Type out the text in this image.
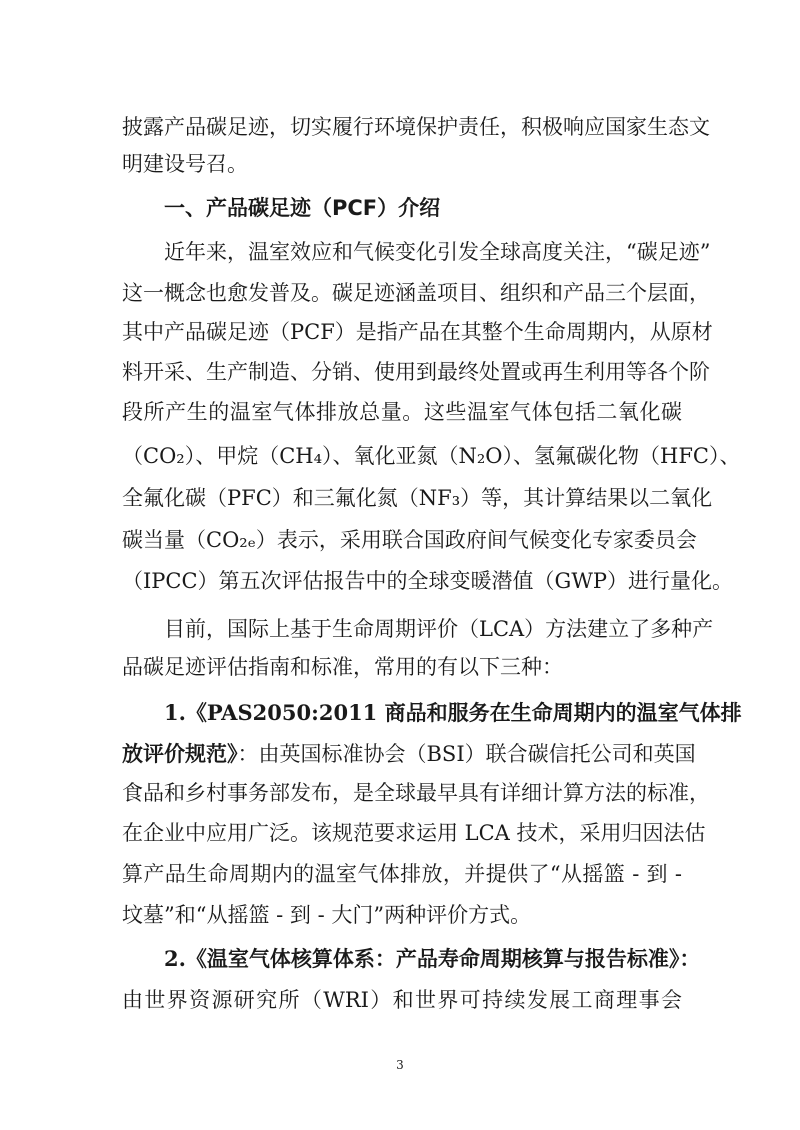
披露产品碳足迹，切实履行环境保护责任，积极响应国家生态文
明建设号召。
一、产品碳足迹（PCF）介绍
近年来，温室效应和气候变化引发全球高度关注，“碳足迹”
这一概念也愈发普及。碳足迹涵盖项目、组织和产品三个层面，
其中产品碳足迹（PCF）是指产品在其整个生命周期内，从原材
料开采、生产制造、分销、使用到最终处置或再生利用等各个阶
段所产生的温室气体排放总量。这些温室气体包括二氧化碳
（CO₂）、甲烷（CH₄）、氧化亚氮（N₂O）、氢氟碳化物（HFC）、
全氟化碳（PFC）和三氟化氮（NF₃）等，其计算结果以二氧化
碳当量（CO₂ₑ）表示，采用联合国政府间气候变化专家委员会
（IPCC）第五次评估报告中的全球变暖潜值（GWP）进行量化。
目前，国际上基于生命周期评价（LCA）方法建立了多种产
品碳足迹评估指南和标准，常用的有以下三种：
1.《PAS2050:2011 商品和服务在生命周期内的温室气体排
放评价规范》：由英国标准协会（BSI）联合碳信托公司和英国
食品和乡村事务部发布，是全球最早具有详细计算方法的标准，
在企业中应用广泛。该规范要求运用 LCA 技术，采用归因法估
算产品生命周期内的温室气体排放，并提供了“从摇篮 - 到 -
坟墓”和“从摇篮 - 到 - 大门”两种评价方式。
2.《温室气体核算体系：产品寿命周期核算与报告标准》：
由世界资源研究所（WRI）和世界可持续发展工商理事会
3
